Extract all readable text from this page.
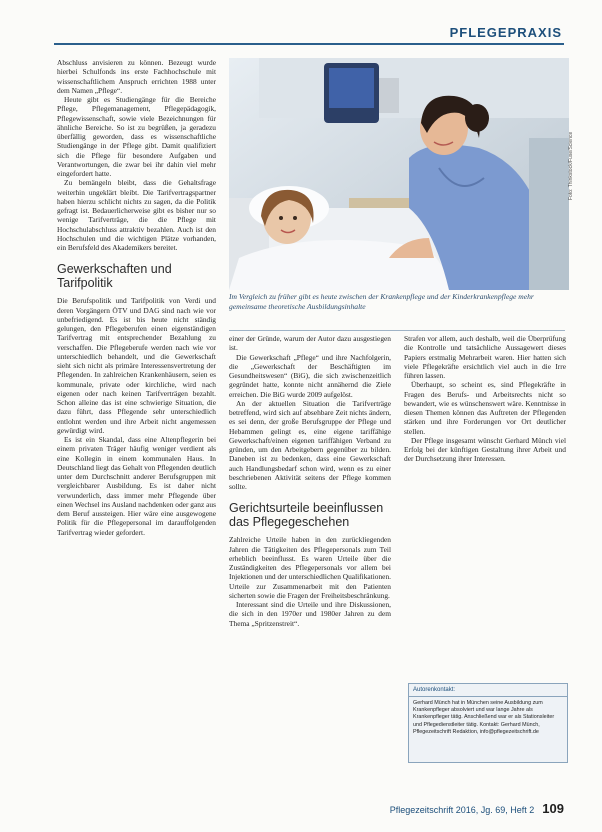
PFLEGEPRAXIS
Foto: Thinkstock/Fuse/Science
Im Vergleich zu früher gibt es heute zwischen der Krankenpflege und der Kinderkrankenpflege mehr gemeinsame theoretische Ausbildungsinhalte

Abschluss anvisieren zu können. Bezeugt wurde hierbei Schulfonds ins erste Fachhochschule mit wissenschaftlichem Anspruch errichten 1988 unter dem Namen „Pflege“.

Heute gibt es Studiengänge für die Bereiche Pflege, Pflegemanagement, Pflegepädagogik, Pflegewissenschaft, sowie viele Bezeichnungen für ähnliche Bereiche. So ist zu begrüßen, ja geradezu überfällig geworden, dass es wissenschaftliche Studiengänge in der Pflege gibt. Damit qualifiziert sich die Pflege für besondere Aufgaben und Verantwortungen, die zwar bei ihr dahin viel mehr eingefordert hatte.

Zu bemängeln bleibt, dass die Gehaltsfrage weiterhin ungeklärt bleibt. Die Tarifvertragspartner haben hierzu schlicht nichts zu sagen, da die Politik gefragt ist. Bedauerlicherweise gibt es bisher nur so wenige Tarifverträge, die die Pflege mit Hochschulabschluss attraktiv bezahlen. Auch ist den Hochschulen und die wichtigen Plätze vorhanden, ein Berufsfeld des Akademikers bereitet.

Gewerkschaften und Tarifpolitik

Die Berufspolitik und Tarifpolitik von Verdi und deren Vorgängern ÖTV und DAG sind nach wie vor unbefriedigend. Es ist bis heute nicht ständig gelungen, den Pflegeberufen einen eigenständigen Tarifvertrag mit entsprechender Bezahlung zu verschaffen. Die Pflegeberufe werden nach wie vor unterschiedlich behandelt, und die Gewerkschaft sieht sich nicht als primäre Interessensvertretung der Pflegenden. In zahlreichen Krankenhäusern, seien es kommunale, private oder kirchliche, wird nach eigenen oder nach keinen Tarifverträgen bezahlt. Schon alleine das ist eine schwierige Situation, die dazu führt, dass Pflegende sehr unterschiedlich entlohnt werden und ihre Arbeit nicht angemessen gewürdigt wird.

Es ist ein Skandal, dass eine Altenpflegerin bei einem privaten Träger häufig weniger verdient als eine Kollegin in einem kommunalen Haus. In Deutschland liegt das Gehalt von Pflegenden deutlich unter dem Durchschnitt anderer Berufsgruppen mit vergleichbarer Ausbildung. Es ist daher nicht verwunderlich, dass immer mehr Pflegende über einen Wechsel ins Ausland nachdenken oder ganz aus dem Beruf aussteigen. Hier wäre eine ausgewogene Politik für die Pflegepersonal im darauffolgenden Tarifvertrag wieder gefordert.

einer der Gründe, warum der Autor dazu ausgestiegen ist.

Die Gewerkschaft „Pflege“ und ihre Nachfolgerin, die „Gewerkschaft der Beschäftigten im Gesundheitswesen“ (BiG), die sich zwischenzeitlich gegründet hatte, konnte nicht annähernd die Ziele erreichen. Die BiG wurde 2009 aufgelöst.

An der aktuellen Situation die Tarifverträge betreffend, wird sich auf absehbare Zeit nichts ändern, es sei denn, der große Berufsgruppe der Pflege und Hebammen gelingt es, eine eigene tariffähige Gewerkschaft/einen eigenen tariffähigen Verband zu gründen, um den Arbeitgebern gegenüber zu bilden. Daneben ist zu bedenken, dass eine Gewerkschaft auch Handlungsbedarf schon wird, wenn es zu einer beschriebenen Aktivität seitens der Pflege kommen sollte.

Gerichtsurteile beeinflussen das Pflegegeschehen

Zahlreiche Urteile haben in den zurückliegenden Jahren die Tätigkeiten des Pflegepersonals zum Teil erheblich beeinflusst. Es waren Urteile über die Zuständigkeiten des Pflegepersonals vor allem bei Injektionen und der unterschiedlichen Qualifikationen. Urteile zur Zusammenarbeit mit den Patienten sicherten sowie die Fragen der Freiheitsbeschränkung.

Interessant sind die Urteile und ihre Diskussionen, die sich in den 1970er und 1980er Jahren zu dem Thema „Spritzenstreit“.

Strafen vor allem, auch deshalb, weil die Überprüfung die Kontrolle und tatsächliche Aussagewert dieses Papiers erstmalig Mehrarbeit waren. Hier hatten sich viele Pflegekräfte ersichtlich viel auch in die Irre führen lassen.

Überhaupt, so scheint es, sind Pflegekräfte in Fragen des Berufs- und Arbeitsrechts nicht so bewandert, wie es wünschenswert wäre. Kenntnisse in diesen Themen können das Auftreten der Pflegenden stärken und ihre Forderungen vor Ort deutlicher stellen.

Der Pflege insgesamt wünscht Gerhard Münch viel Erfolg bei der künftigen Gestaltung ihrer Arbeit und der Durchsetzung ihrer Interessen.

Autorenkontakt:
Gerhard Münch hat in München seine Ausbildung zum Krankenpfleger absolviert und war lange Jahre als Krankenpfleger tätig. Anschließend war er als Stationsleiter und Pflegedienstleiter tätig. Kontakt: Gerhard Münch, Pflegezeitschrift Redaktion, info@pflegezeitschrift.de
Pflegezeitschrift 2016, Jg. 69, Heft 2 109
